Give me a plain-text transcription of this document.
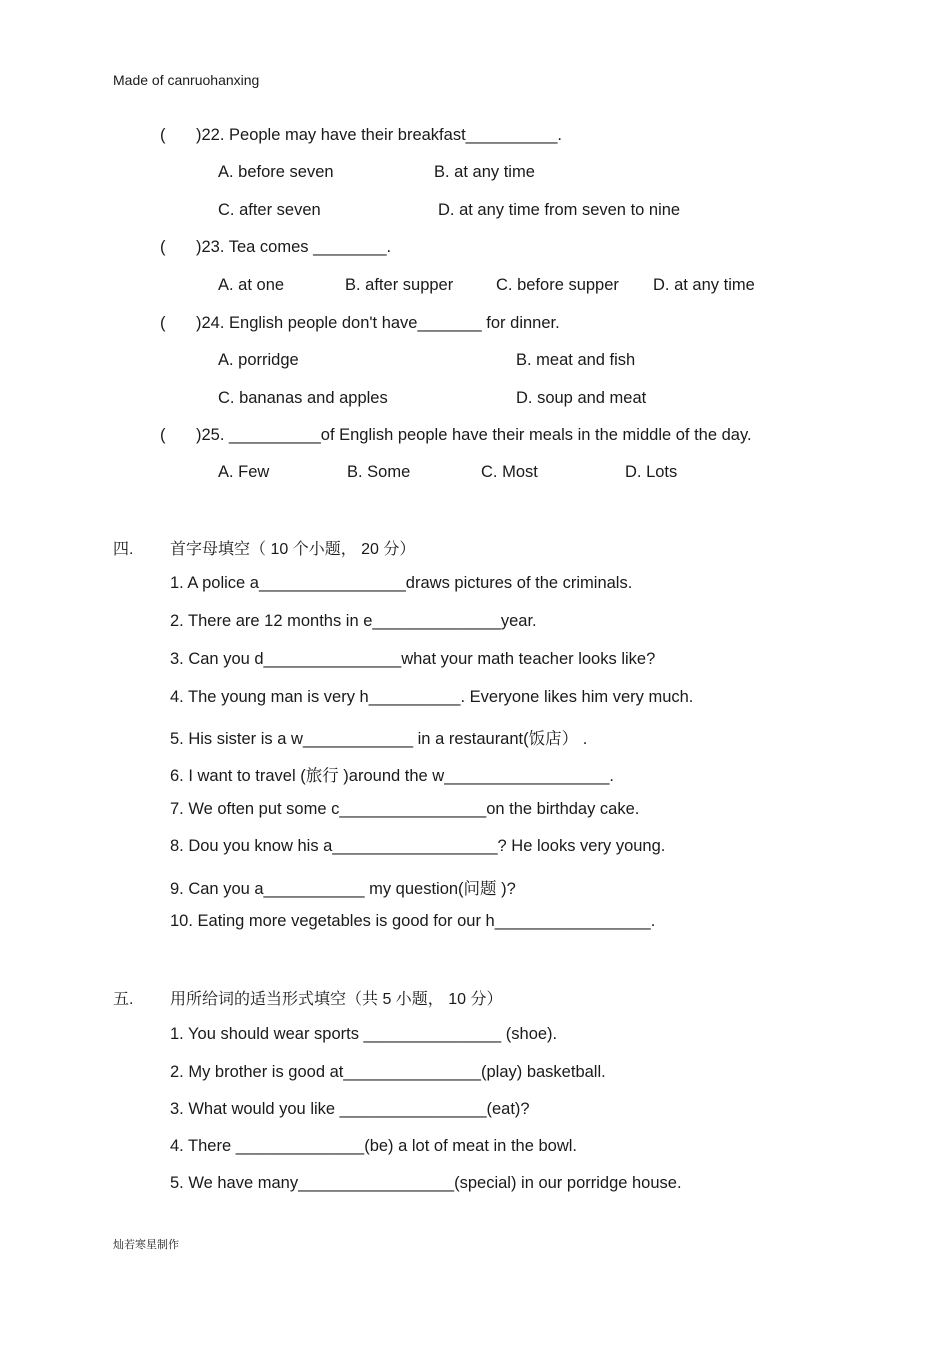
Made of canruohanxing
( )22. People may have their breakfast__________.
A. before seven	B. at any time
C. after seven	D. at any time from seven to nine
( )23. Tea comes ________.
A. at one	B. after supper	C. before supper D. at any time
( )24. English people don't have_______ for dinner.
A. porridge	B. meat and fish
C. bananas and apples	D. soup and meat
( )25. __________of English people have their meals in the middle of the day.
A. Few	B. Some	C. Most	D. Lots
四. 首字母填空（ 10 个小题， 20 分）
1. A police a________________draws pictures of the criminals.
2. There are 12 months in e______________year.
3. Can you d_______________what your math teacher looks like?
4. The young man is very h__________. Everyone likes him very much.
5. His sister is a w____________ in a restaurant(饭店） .
6. I want to travel (旅行 )around the w__________________.
7. We often put some c________________on the birthday cake.
8. Dou you know his a__________________? He looks very young.
9. Can you a___________ my question(问题 )?
10. Eating more vegetables is good for our h_________________.
五. 用所给词的适当形式填空（共 5 小题， 10 分）
1. You should wear sports _______________ (shoe).
2. My brother is good at_______________(play) basketball.
3. What would you like ________________(eat)?
4. There ______________(be) a lot of meat in the bowl.
5. We have many_________________(special) in our porridge house.
灿若寒星制作
